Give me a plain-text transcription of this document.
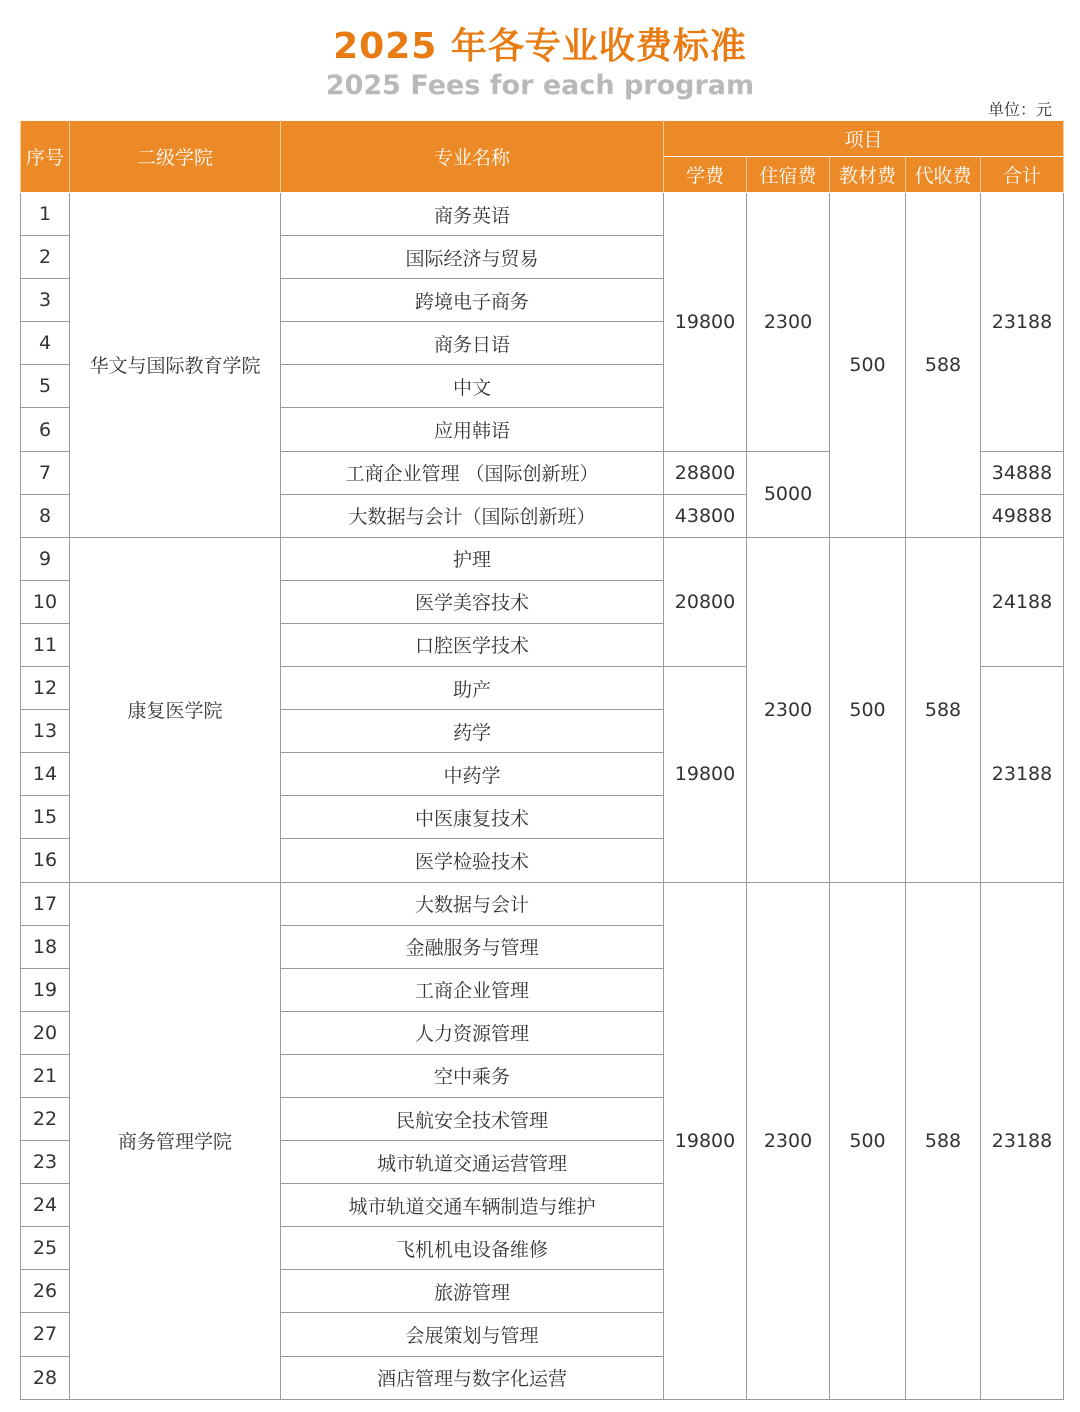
2025 年各专业收费标准
2025 Fees for each program
单位：元
序号	二级学院	专业名称	项目				
			学费	住宿费	教材费	代收费	合计
1	华文与国际教育学院	商务英语	19800	2300	500	588	23188
2		国际经济与贸易					
3		跨境电子商务					
4		商务日语					
5		中文					
6		应用韩语					
7		工商企业管理 （国际创新班）	28800	5000			34888
8		大数据与会计（国际创新班）	43800				49888
9	康复医学院	护理	20800	2300	500	588	24188
10		医学美容技术					
11		口腔医学技术					
12		助产	19800				23188
13		药学					
14		中药学					
15		中医康复技术					
16		医学检验技术					
17	商务管理学院	大数据与会计	19800	2300	500	588	23188
18		金融服务与管理					
19		工商企业管理					
20		人力资源管理					
21		空中乘务					
22		民航安全技术管理					
23		城市轨道交通运营管理					
24		城市轨道交通车辆制造与维护					
25		飞机机电设备维修					
26		旅游管理					
27		会展策划与管理					
28		酒店管理与数字化运营					
